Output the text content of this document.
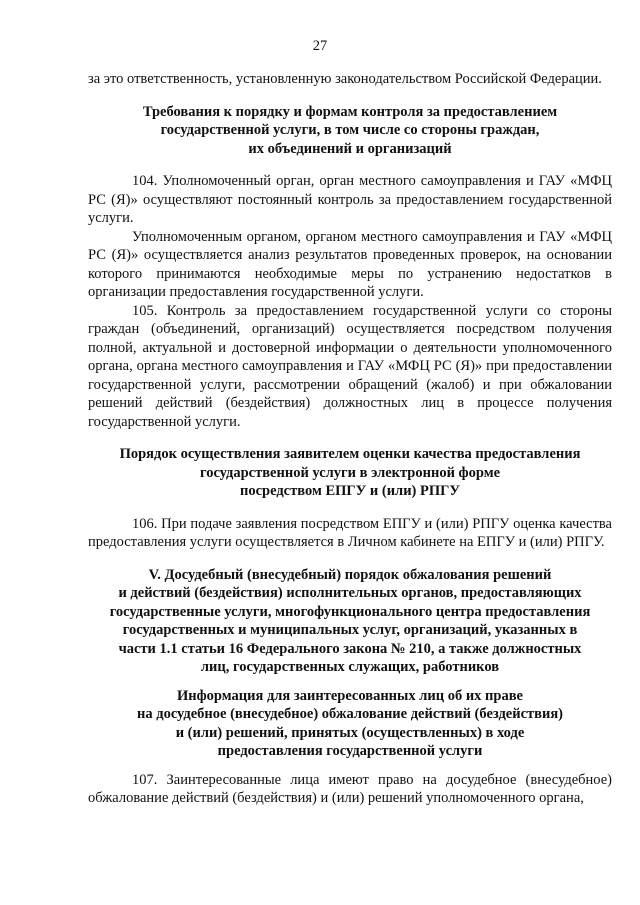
27

за это ответственность, установленную законодательством Российской Федерации.

Требования к порядку и формам контроля за предоставлением
государственной услуги, в том числе со стороны граждан,
их объединений и организаций

104. Уполномоченный орган, орган местного самоуправления и ГАУ «МФЦ РС (Я)» осуществляют постоянный контроль за предоставлением государственной услуги.

Уполномоченным органом, органом местного самоуправления и ГАУ «МФЦ РС (Я)» осуществляется анализ результатов проведенных проверок, на основании которого принимаются необходимые меры по устранению недостатков в организации предоставления государственной услуги.

105. Контроль за предоставлением государственной услуги со стороны граждан (объединений, организаций) осуществляется посредством получения полной, актуальной и достоверной информации о деятельности уполномоченного органа, органа местного самоуправления и ГАУ «МФЦ РС (Я)» при предоставлении государственной услуги, рассмотрении обращений (жалоб) и при обжаловании решений действий (бездействия) должностных лиц в процессе получения государственной услуги.

Порядок осуществления заявителем оценки качества предоставления
государственной услуги в электронной форме
посредством ЕПГУ и (или) РПГУ

106. При подаче заявления посредством ЕПГУ и (или) РПГУ оценка качества предоставления услуги осуществляется в Личном кабинете на ЕПГУ и (или) РПГУ.

V. Досудебный (внесудебный) порядок обжалования решений
и действий (бездействия) исполнительных органов, предоставляющих
государственные услуги, многофункционального центра предоставления
государственных и муниципальных услуг, организаций, указанных в
части 1.1 статьи 16 Федерального закона № 210, а также должностных
лиц, государственных служащих, работников
Информация для заинтересованных лиц об их праве
на досудебное (внесудебное) обжалование действий (бездействия)
и (или) решений, принятых (осуществленных) в ходе
предоставления государственной услуги

107. Заинтересованные лица имеют право на досудебное (внесудебное) обжалование действий (бездействия) и (или) решений уполномоченного органа,
